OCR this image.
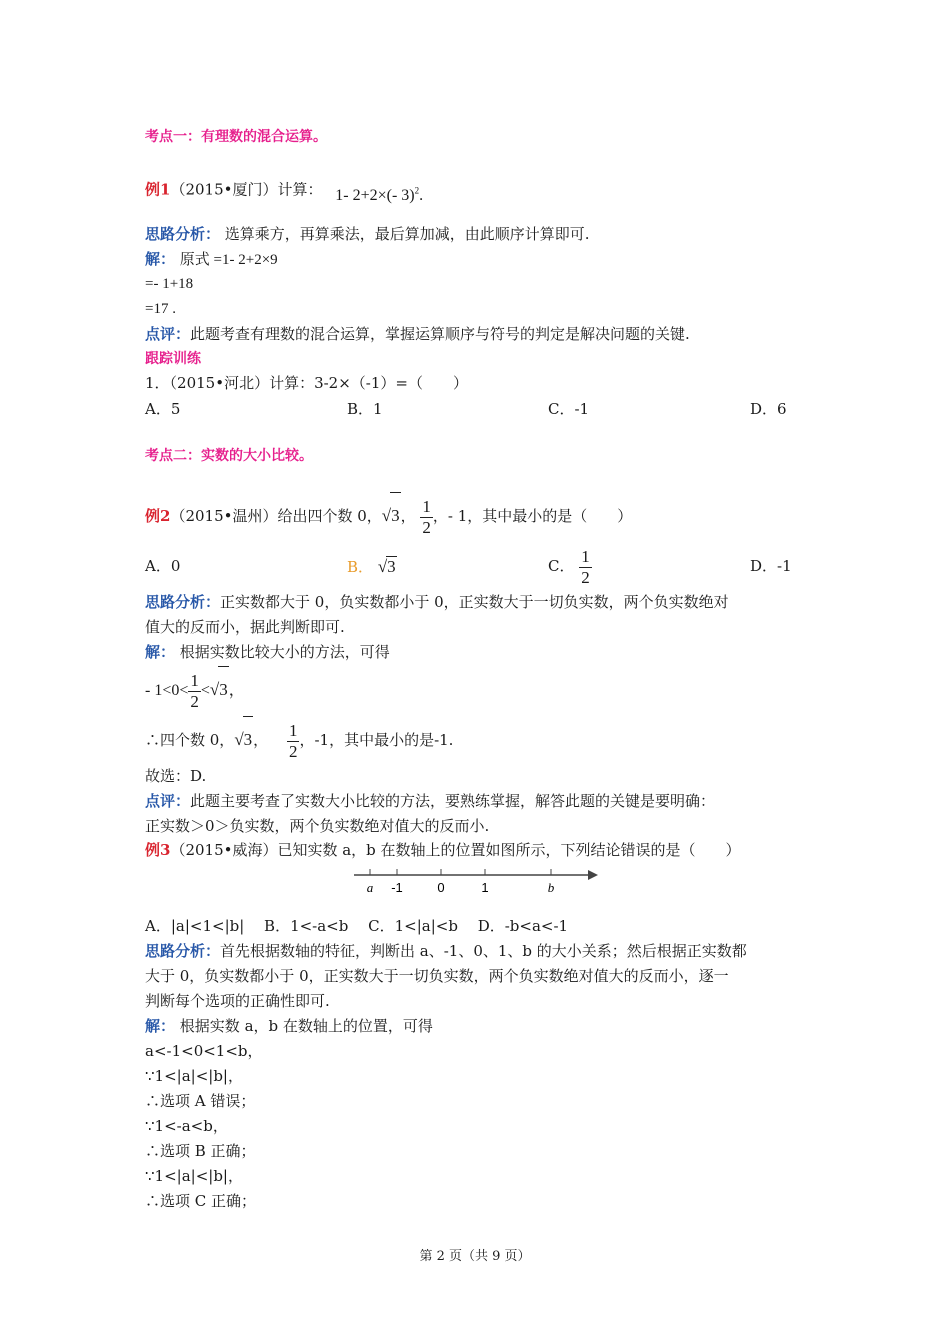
考点一：有理数的混合运算。
例1（2015•厦门）计算： 1- 2+2×(- 3)$^2$.
思路分析： 选算乘方，再算乘法，最后算加减，由此顺序计算即可.
解： 原式 =1- 2+2×9
=- 1+18
=17 .
点评：此题考查有理数的混合运算，掌握运算顺序与符号的判定是解决问题的关键.
跟踪训练
1．（2015•河北）计算：3-2×（-1）=（　　）
A．5	B．1	C．-1	D．6
考点二：实数的大小比较。
例2（2015•温州）给出四个数 0，√3， $\frac{1}{2}$ ，- 1，其中最小的是（　　）
A．0	B． √3	C． $\frac{1}{2}$	D．-1
思路分析：正实数都大于 0，负实数都小于 0，正实数大于一切负实数，两个负实数绝对
值大的反而小，据此判断即可.
解： 根据实数比较大小的方法，可得
- $1<0< \frac{1}{2} <√3$，
∴四个数 0，√3， $\frac{1}{2}$ ，-1，其中最小的是-1.
故选：D.
点评：此题主要考查了实数大小比较的方法，要熟练掌握，解答此题的关键是要明确：
正实数＞0＞负实数，两个负实数绝对值大的反而小.
例3（2015•威海）已知实数 a，b 在数轴上的位置如图所示，下列结论错误的是（　　）
a -1	0	1	b
A．|a|<1<|b|　 B．1<-a<b　 C．1<|a|<b　 D．-b<a<-1
思路分析：首先根据数轴的特征，判断出 a、-1、0、1、b 的大小关系；然后根据正实数都
大于 0，负实数都小于 0，正实数大于一切负实数，两个负实数绝对值大的反而小，逐一
判断每个选项的正确性即可.
解： 根据实数 a，b 在数轴上的位置，可得
a<-1<0<1<b，
∵1<|a|<|b|，
∴选项 A 错误；
∵1<-a<b，
∴选项 B 正确；
∵1<|a|<|b|，
∴选项 C 正确；
第 2 页（共 9 页）
